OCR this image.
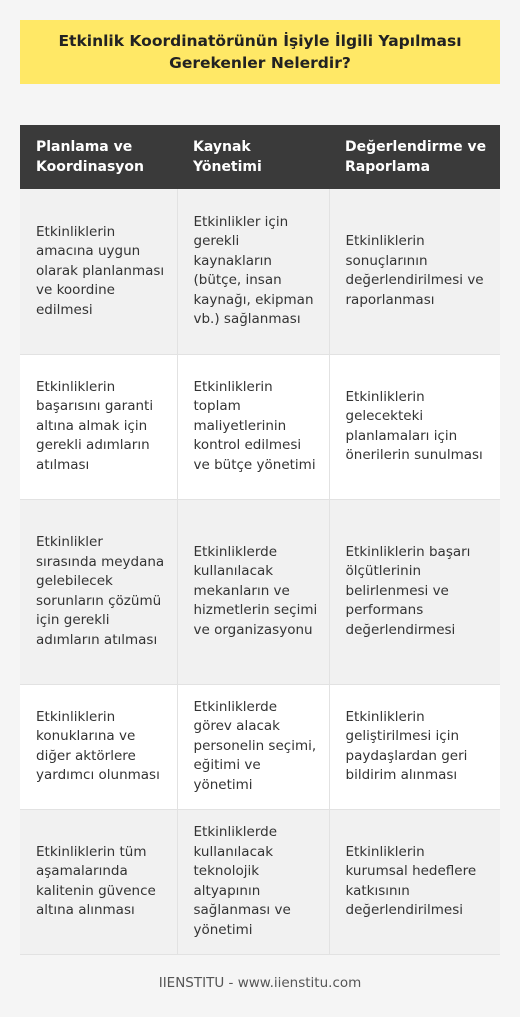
Etkinlik Koordinatörünün İşiyle İlgili Yapılması Gerekenler Nelerdir?
Planlama ve Koordinasyon	Kaynak Yönetimi	Değerlendirme ve Raporlama
Etkinliklerin amacına uygun olarak planlanması ve koordine edilmesi	Etkinlikler için gerekli kaynakların (bütçe, insan kaynağı, ekipman vb.) sağlanması	Etkinliklerin sonuçlarının değerlendirilmesi ve raporlanması
Etkinliklerin başarısını garanti altına almak için gerekli adımların atılması	Etkinliklerin toplam maliyetlerinin kontrol edilmesi ve bütçe yönetimi	Etkinliklerin gelecekteki planlamaları için önerilerin sunulması
Etkinlikler sırasında meydana gelebilecek sorunların çözümü için gerekli adımların atılması	Etkinliklerde kullanılacak mekanların ve hizmetlerin seçimi ve organizasyonu	Etkinliklerin başarı ölçütlerinin belirlenmesi ve performans değerlendirmesi
Etkinliklerin konuklarına ve diğer aktörlere yardımcı olunması	Etkinliklerde görev alacak personelin seçimi, eğitimi ve yönetimi	Etkinliklerin geliştirilmesi için paydaşlardan geri bildirim alınması
Etkinliklerin tüm aşamalarında kalitenin güvence altına alınması	Etkinliklerde kullanılacak teknolojik altyapının sağlanması ve yönetimi	Etkinliklerin kurumsal hedeflere katkısının değerlendirilmesi
IIENSTITU - www.iienstitu.com
